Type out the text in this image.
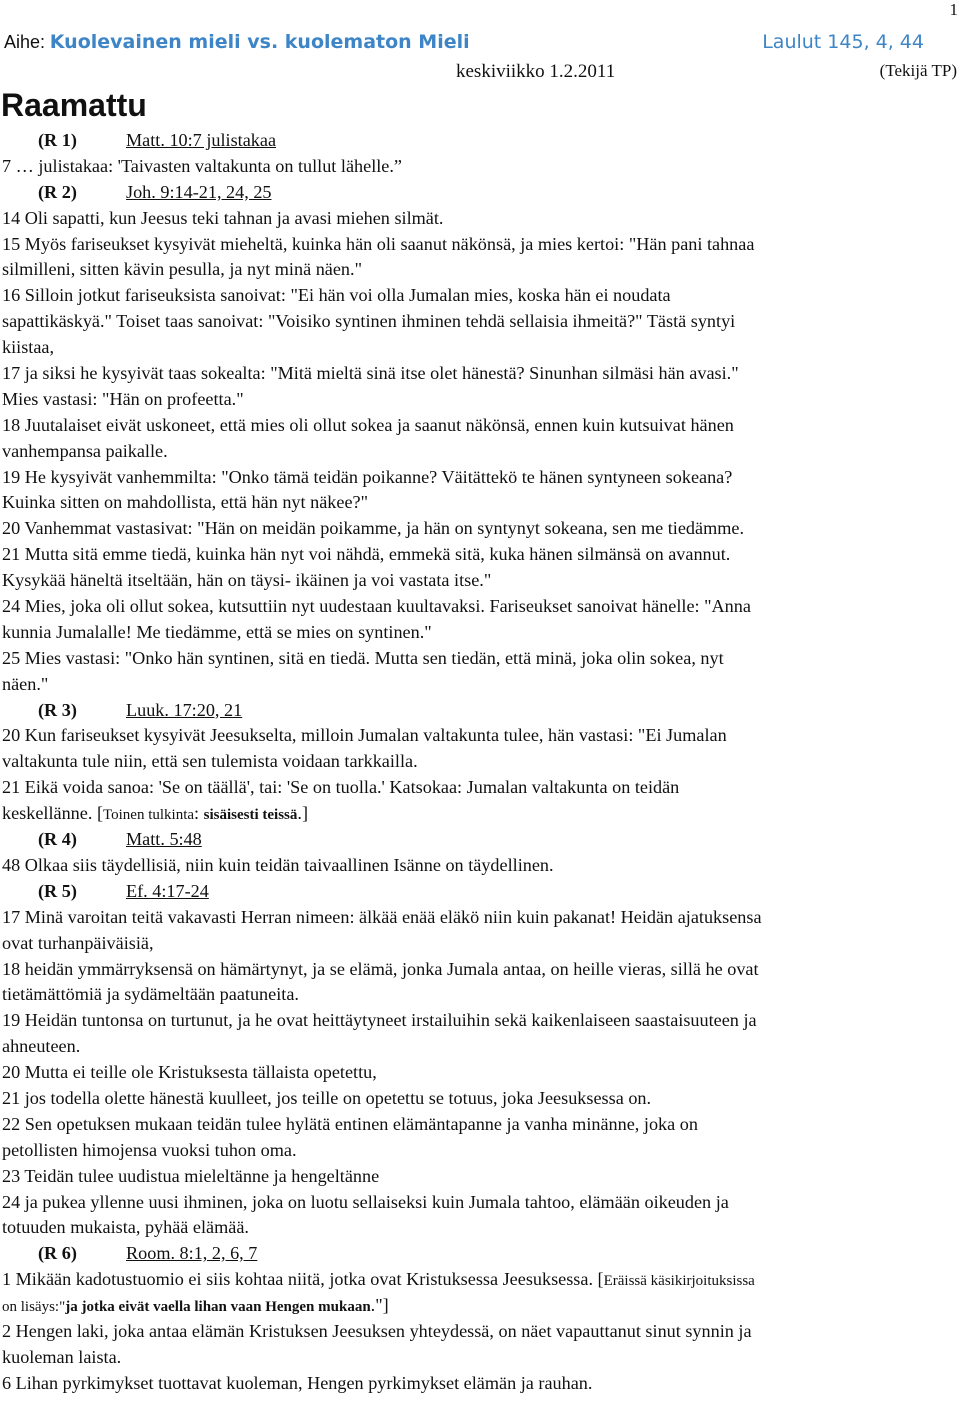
1
Aihe: Kuolevainen mieli vs. kuolematon Mieli	Laulut 145, 4, 44
keskiviikko 1.2.2011	(Tekijä TP)
Raamattu
(R 1)	Matt. 10:7 julistakaa
7 … julistakaa: 'Taivasten valtakunta on tullut lähelle.”
(R 2)	Joh. 9:14-21, 24, 25
14 Oli sapatti, kun Jeesus teki tahnan ja avasi miehen silmät.
15 Myös fariseukset kysyivät mieheltä, kuinka hän oli saanut näkönsä, ja mies kertoi: "Hän pani tahnaa
silmilleni, sitten kävin pesulla, ja nyt minä näen."
16 Silloin jotkut fariseuksista sanoivat: "Ei hän voi olla Jumalan mies, koska hän ei noudata
sapattikäskyä." Toiset taas sanoivat: "Voisiko syntinen ihminen tehdä sellaisia ihmeitä?" Tästä syntyi
kiistaa,
17 ja siksi he kysyivät taas sokealta: "Mitä mieltä sinä itse olet hänestä? Sinunhan silmäsi hän avasi."
Mies vastasi: "Hän on profeetta."
18 Juutalaiset eivät uskoneet, että mies oli ollut sokea ja saanut näkönsä, ennen kuin kutsuivat hänen
vanhempansa paikalle.
19 He kysyivät vanhemmilta: "Onko tämä teidän poikanne? Väitättekö te hänen syntyneen sokeana?
Kuinka sitten on mahdollista, että hän nyt näkee?"
20 Vanhemmat vastasivat: "Hän on meidän poikamme, ja hän on syntynyt sokeana, sen me tiedämme.
21 Mutta sitä emme tiedä, kuinka hän nyt voi nähdä, emmekä sitä, kuka hänen silmänsä on avannut.
Kysykää häneltä itseltään, hän on täysi- ikäinen ja voi vastata itse."
24 Mies, joka oli ollut sokea, kutsuttiin nyt uudestaan kuultavaksi. Fariseukset sanoivat hänelle: "Anna
kunnia Jumalalle! Me tiedämme, että se mies on syntinen."
25 Mies vastasi: "Onko hän syntinen, sitä en tiedä. Mutta sen tiedän, että minä, joka olin sokea, nyt
näen."
(R 3)	Luuk. 17:20, 21
20 Kun fariseukset kysyivät Jeesukselta, milloin Jumalan valtakunta tulee, hän vastasi: "Ei Jumalan
valtakunta tule niin, että sen tulemista voidaan tarkkailla.
21 Eikä voida sanoa: 'Se on täällä', tai: 'Se on tuolla.' Katsokaa: Jumalan valtakunta on teidän
keskellänne. [Toinen tulkinta: sisäisesti teissä.]
(R 4)	Matt. 5:48
48 Olkaa siis täydellisiä, niin kuin teidän taivaallinen Isänne on täydellinen.
(R 5)	Ef. 4:17-24
17 Minä varoitan teitä vakavasti Herran nimeen: älkää enää eläkö niin kuin pakanat! Heidän ajatuksensa
ovat turhanpäiväisiä,
18 heidän ymmärryksensä on hämärtynyt, ja se elämä, jonka Jumala antaa, on heille vieras, sillä he ovat
tietämättömiä ja sydämeltään paatuneita.
19 Heidän tuntonsa on turtunut, ja he ovat heittäytyneet irstailuihin sekä kaikenlaiseen saastaisuuteen ja
ahneuteen.
20 Mutta ei teille ole Kristuksesta tällaista opetettu,
21 jos todella olette hänestä kuulleet, jos teille on opetettu se totuus, joka Jeesuksessa on.
22 Sen opetuksen mukaan teidän tulee hylätä entinen elämäntapanne ja vanha minänne, joka on
petollisten himojensa vuoksi tuhon oma.
23 Teidän tulee uudistua mieleltänne ja hengeltänne
24 ja pukea yllenne uusi ihminen, joka on luotu sellaiseksi kuin Jumala tahtoo, elämään oikeuden ja
totuuden mukaista, pyhää elämää.
(R 6)	Room. 8:1, 2, 6, 7
1 Mikään kadotustuomio ei siis kohtaa niitä, jotka ovat Kristuksessa Jeesuksessa. [Eräissä käsikirjoituksissa
on lisäys:"ja jotka eivät vaella lihan vaan Hengen mukaan."]
2 Hengen laki, joka antaa elämän Kristuksen Jeesuksen yhteydessä, on näet vapauttanut sinut synnin ja
kuoleman laista.
6 Lihan pyrkimykset tuottavat kuoleman, Hengen pyrkimykset elämän ja rauhan.
